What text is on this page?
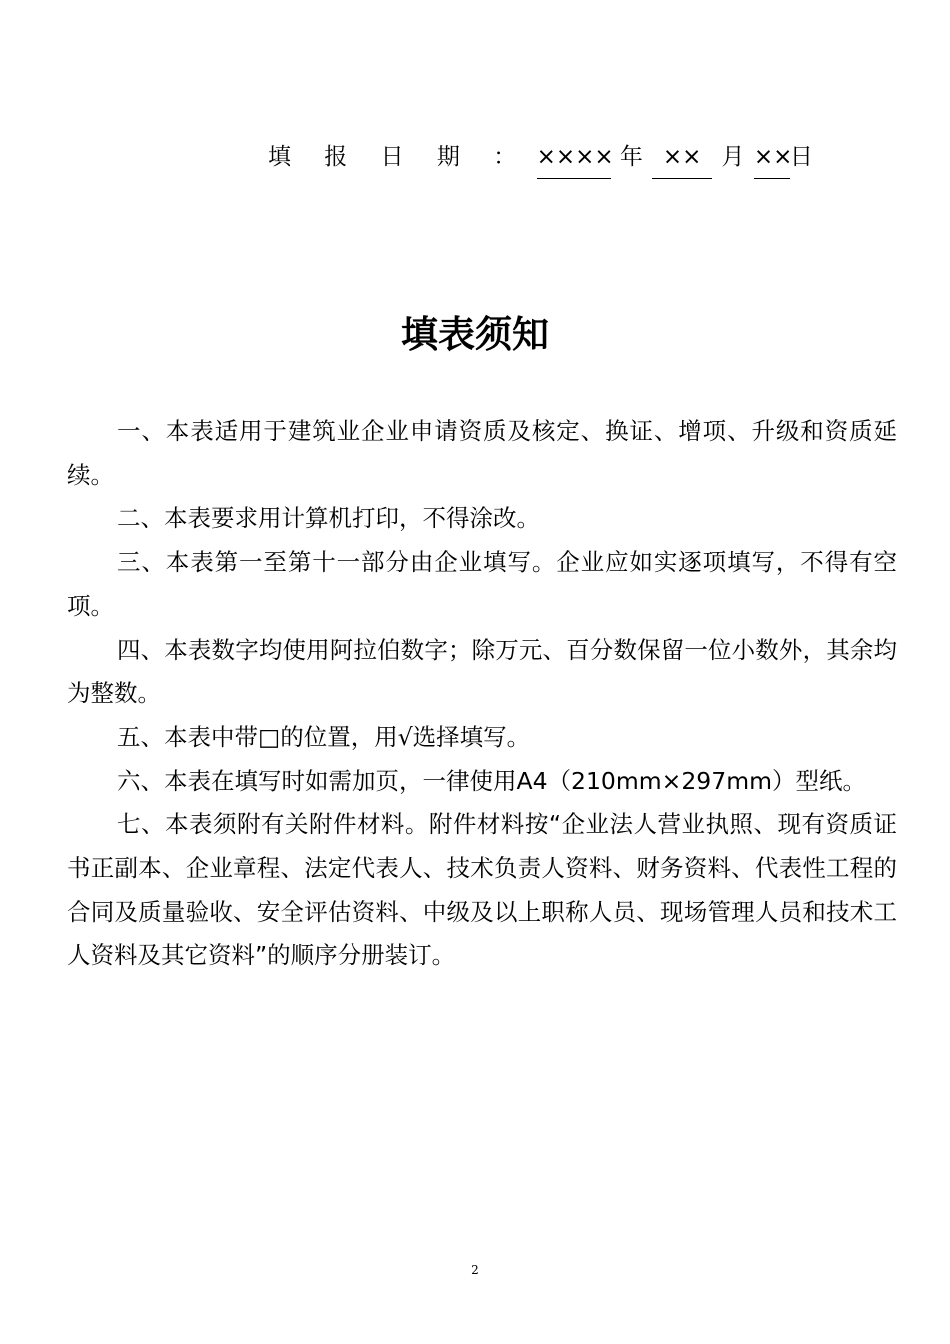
填 报 日 期 ： ×××× 年 ×× 月 ××日
填表须知

一、本表适用于建筑业企业申请资质及核定、换证、增项、升级和资质延续。

二、本表要求用计算机打印，不得涂改。

三、本表第一至第十一部分由企业填写。企业应如实逐项填写，不得有空项。

四、本表数字均使用阿拉伯数字；除万元、百分数保留一位小数外，其余均为整数。

五、本表中带□的位置，用√选择填写。

六、本表在填写时如需加页，一律使用A4（210mm×297mm）型纸。

七、本表须附有关附件材料。附件材料按“企业法人营业执照、现有资质证书正副本、企业章程、法定代表人、技术负责人资料、财务资料、代表性工程的合同及质量验收、安全评估资料、中级及以上职称人员、现场管理人员和技术工人资料及其它资料”的顺序分册装订。

2
